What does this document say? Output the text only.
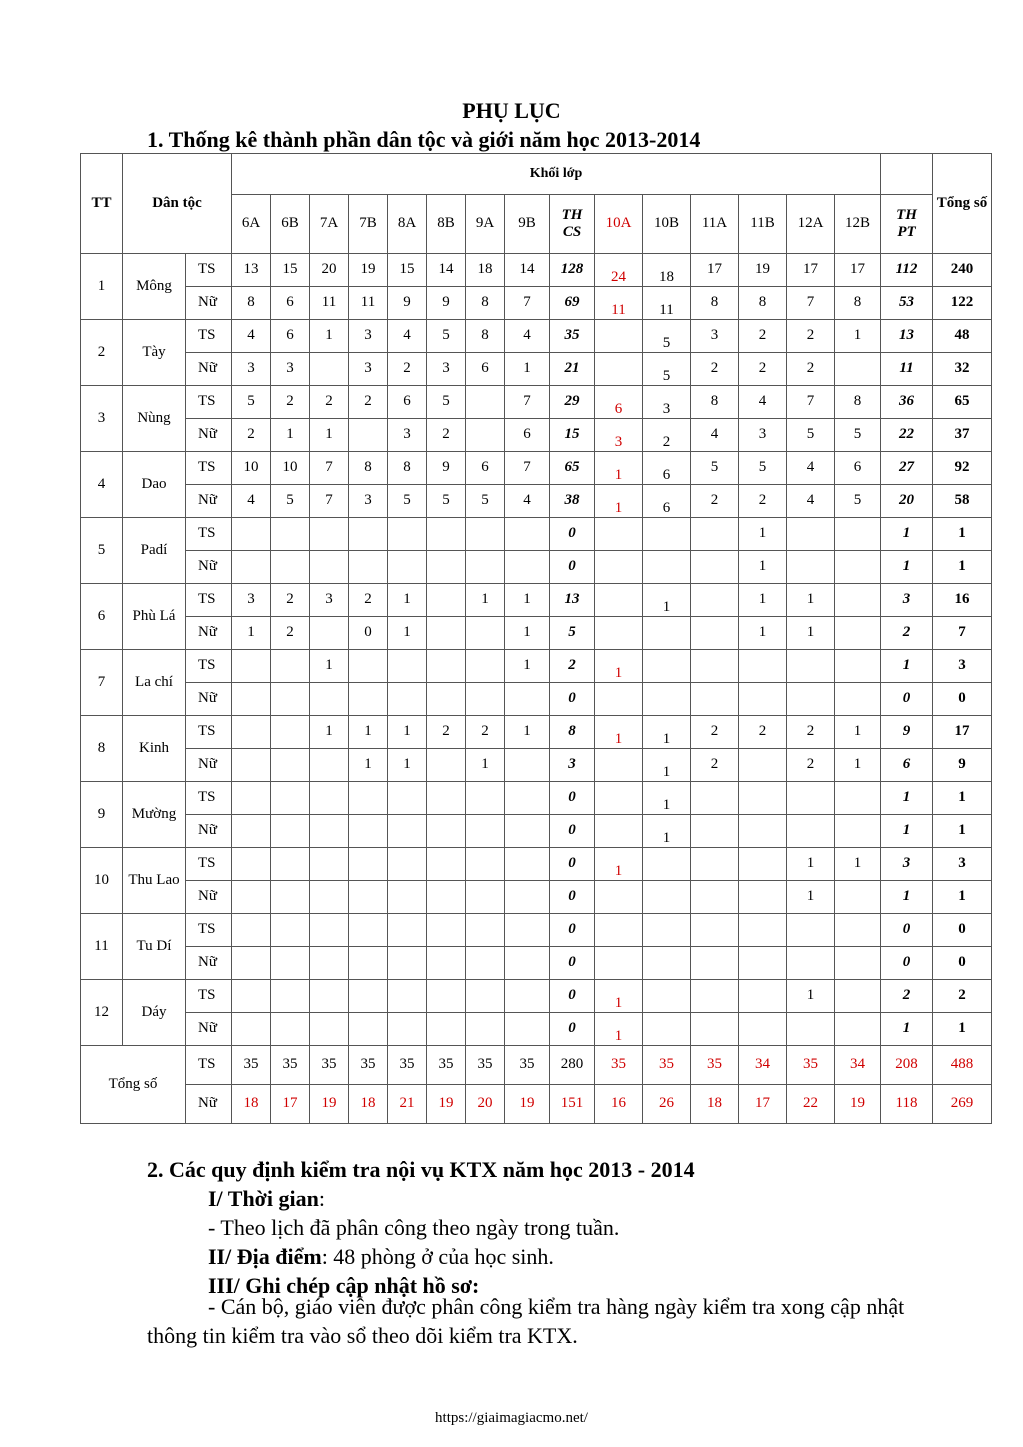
PHỤ LỤC
1. Thống kê thành phần dân tộc và giới năm học 2013-2014
TT	Dân tộc		Khối lớp																Tổng số
			6A	6B	7A	7B	8A	8B	9A	9B	TH CS	10A	10B	11A	11B	12A	12B	TH PT	
1	Mông	TS	13	15	20	19	15	14	18	14	128	24	18	17	19	17	17	112	240
		Nữ	8	6	11	11	9	9	8	7	69	11	11	8	8	7	8	53	122
2	Tày	TS	4	6	1	3	4	5	8	4	35		5	3	2	2	1	13	48
		Nữ	3	3		3	2	3	6	1	21		5	2	2	2		11	32
3	Nùng	TS	5	2	2	2	6	5		7	29	6	3	8	4	7	8	36	65
		Nữ	2	1	1		3	2		6	15	3	2	4	3	5	5	22	37
4	Dao	TS	10	10	7	8	8	9	6	7	65	1	6	5	5	4	6	27	92
		Nữ	4	5	7	3	5	5	5	4	38	1	6	2	2	4	5	20	58
5	Padí	TS									0				1			1	1
		Nữ									0				1			1	1
6	Phù Lá	TS	3	2	3	2	1		1	1	13		1		1	1		3	16
		Nữ	1	2		0	1			1	5				1	1		2	7
7	La chí	TS			1					1	2	1						1	3
		Nữ									0							0	0
8	Kinh	TS			1	1	1	2	2	1	8	1	1	2	2	2	1	9	17
		Nữ				1	1		1		3		1	2		2	1	6	9
9	Mường	TS									0		1					1	1
		Nữ									0		1					1	1
10	Thu Lao	TS									0	1				1	1	3	3
		Nữ									0					1		1	1
11	Tu Dí	TS									0							0	0
		Nữ									0							0	0
12	Dáy	TS									0	1				1		2	2
		Nữ									0	1						1	1
Tổng số		TS	35	35	35	35	35	35	35	35	280	35	35	35	34	35	34	208	488
		Nữ	18	17	19	18	21	19	20	19	151	16	26	18	17	22	19	118	269
2. Các quy định kiểm tra nội vụ KTX năm học 2013 - 2014
I/ Thời gian:
- Theo lịch đã phân công theo ngày trong tuần.
II/ Địa điểm: 48 phòng ở của học sinh.
III/ Ghi chép cập nhật hồ sơ:
- Cán bộ, giáo viên được phân công kiểm tra hàng ngày kiểm tra xong cập nhật thông tin kiểm tra vào sổ theo dõi kiểm tra KTX.
https://giaimagiacmo.net/
